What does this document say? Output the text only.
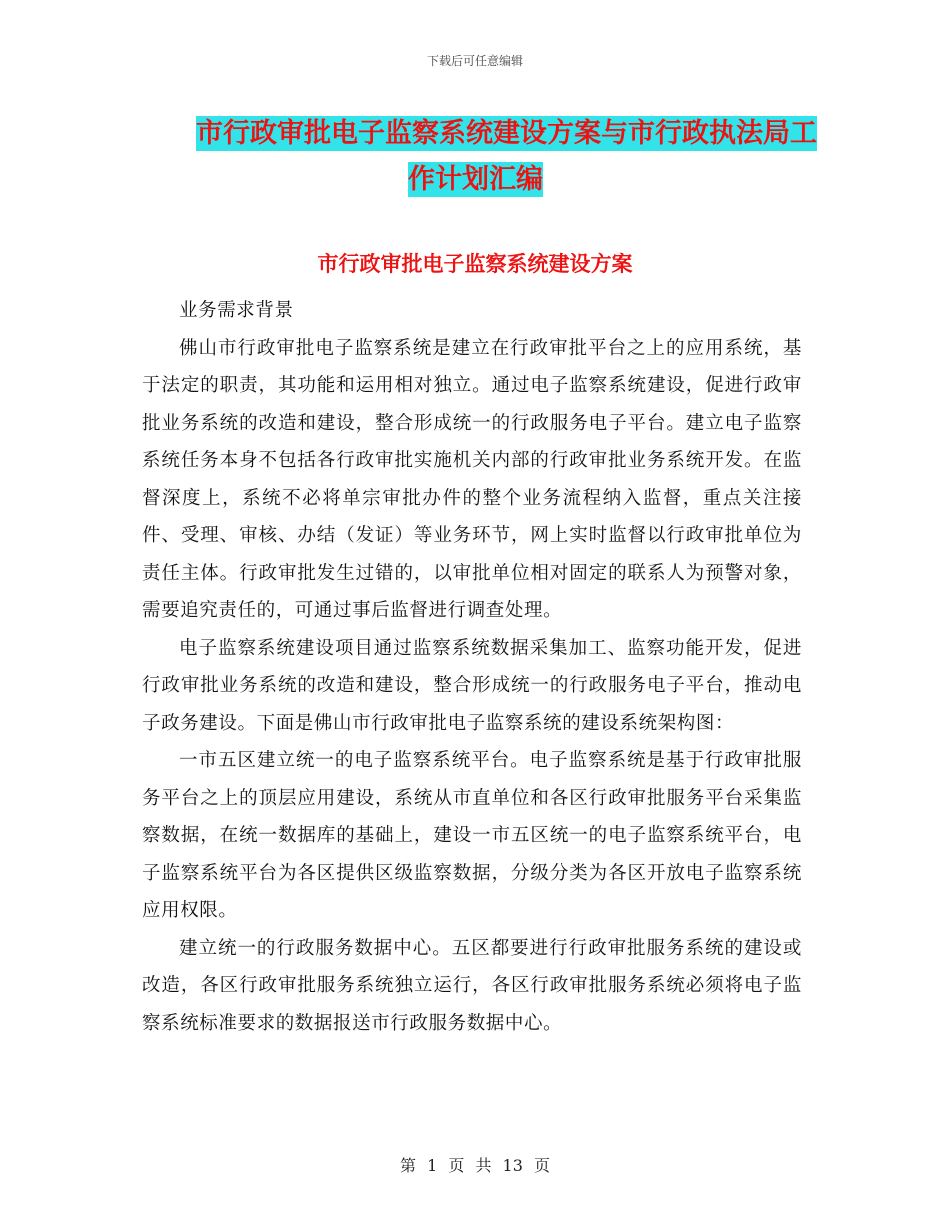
下载后可任意编辑
市行政审批电子监察系统建设方案与市行政执法局工
作计划汇编
市行政审批电子监察系统建设方案

业务需求背景

佛山市行政审批电子监察系统是建立在行政审批平台之上的应用系统，基于法定的职责，其功能和运用相对独立。通过电子监察系统建设，促进行政审批业务系统的改造和建设，整合形成统一的行政服务电子平台。建立电子监察系统任务本身不包括各行政审批实施机关内部的行政审批业务系统开发。在监督深度上，系统不必将单宗审批办件的整个业务流程纳入监督，重点关注接件、受理、审核、办结（发证）等业务环节，网上实时监督以行政审批单位为责任主体。行政审批发生过错的，以审批单位相对固定的联系人为预警对象，需要追究责任的，可通过事后监督进行调查处理。

电子监察系统建设项目通过监察系统数据采集加工、监察功能开发，促进行政审批业务系统的改造和建设，整合形成统一的行政服务电子平台，推动电子政务建设。下面是佛山市行政审批电子监察系统的建设系统架构图：

一市五区建立统一的电子监察系统平台。电子监察系统是基于行政审批服务平台之上的顶层应用建设，系统从市直单位和各区行政审批服务平台采集监察数据，在统一数据库的基础上，建设一市五区统一的电子监察系统平台，电子监察系统平台为各区提供区级监察数据，分级分类为各区开放电子监察系统应用权限。

建立统一的行政服务数据中心。五区都要进行行政审批服务系统的建设或改造，各区行政审批服务系统独立运行，各区行政审批服务系统必须将电子监察系统标准要求的数据报送市行政服务数据中心。

第 1 页 共 13 页
